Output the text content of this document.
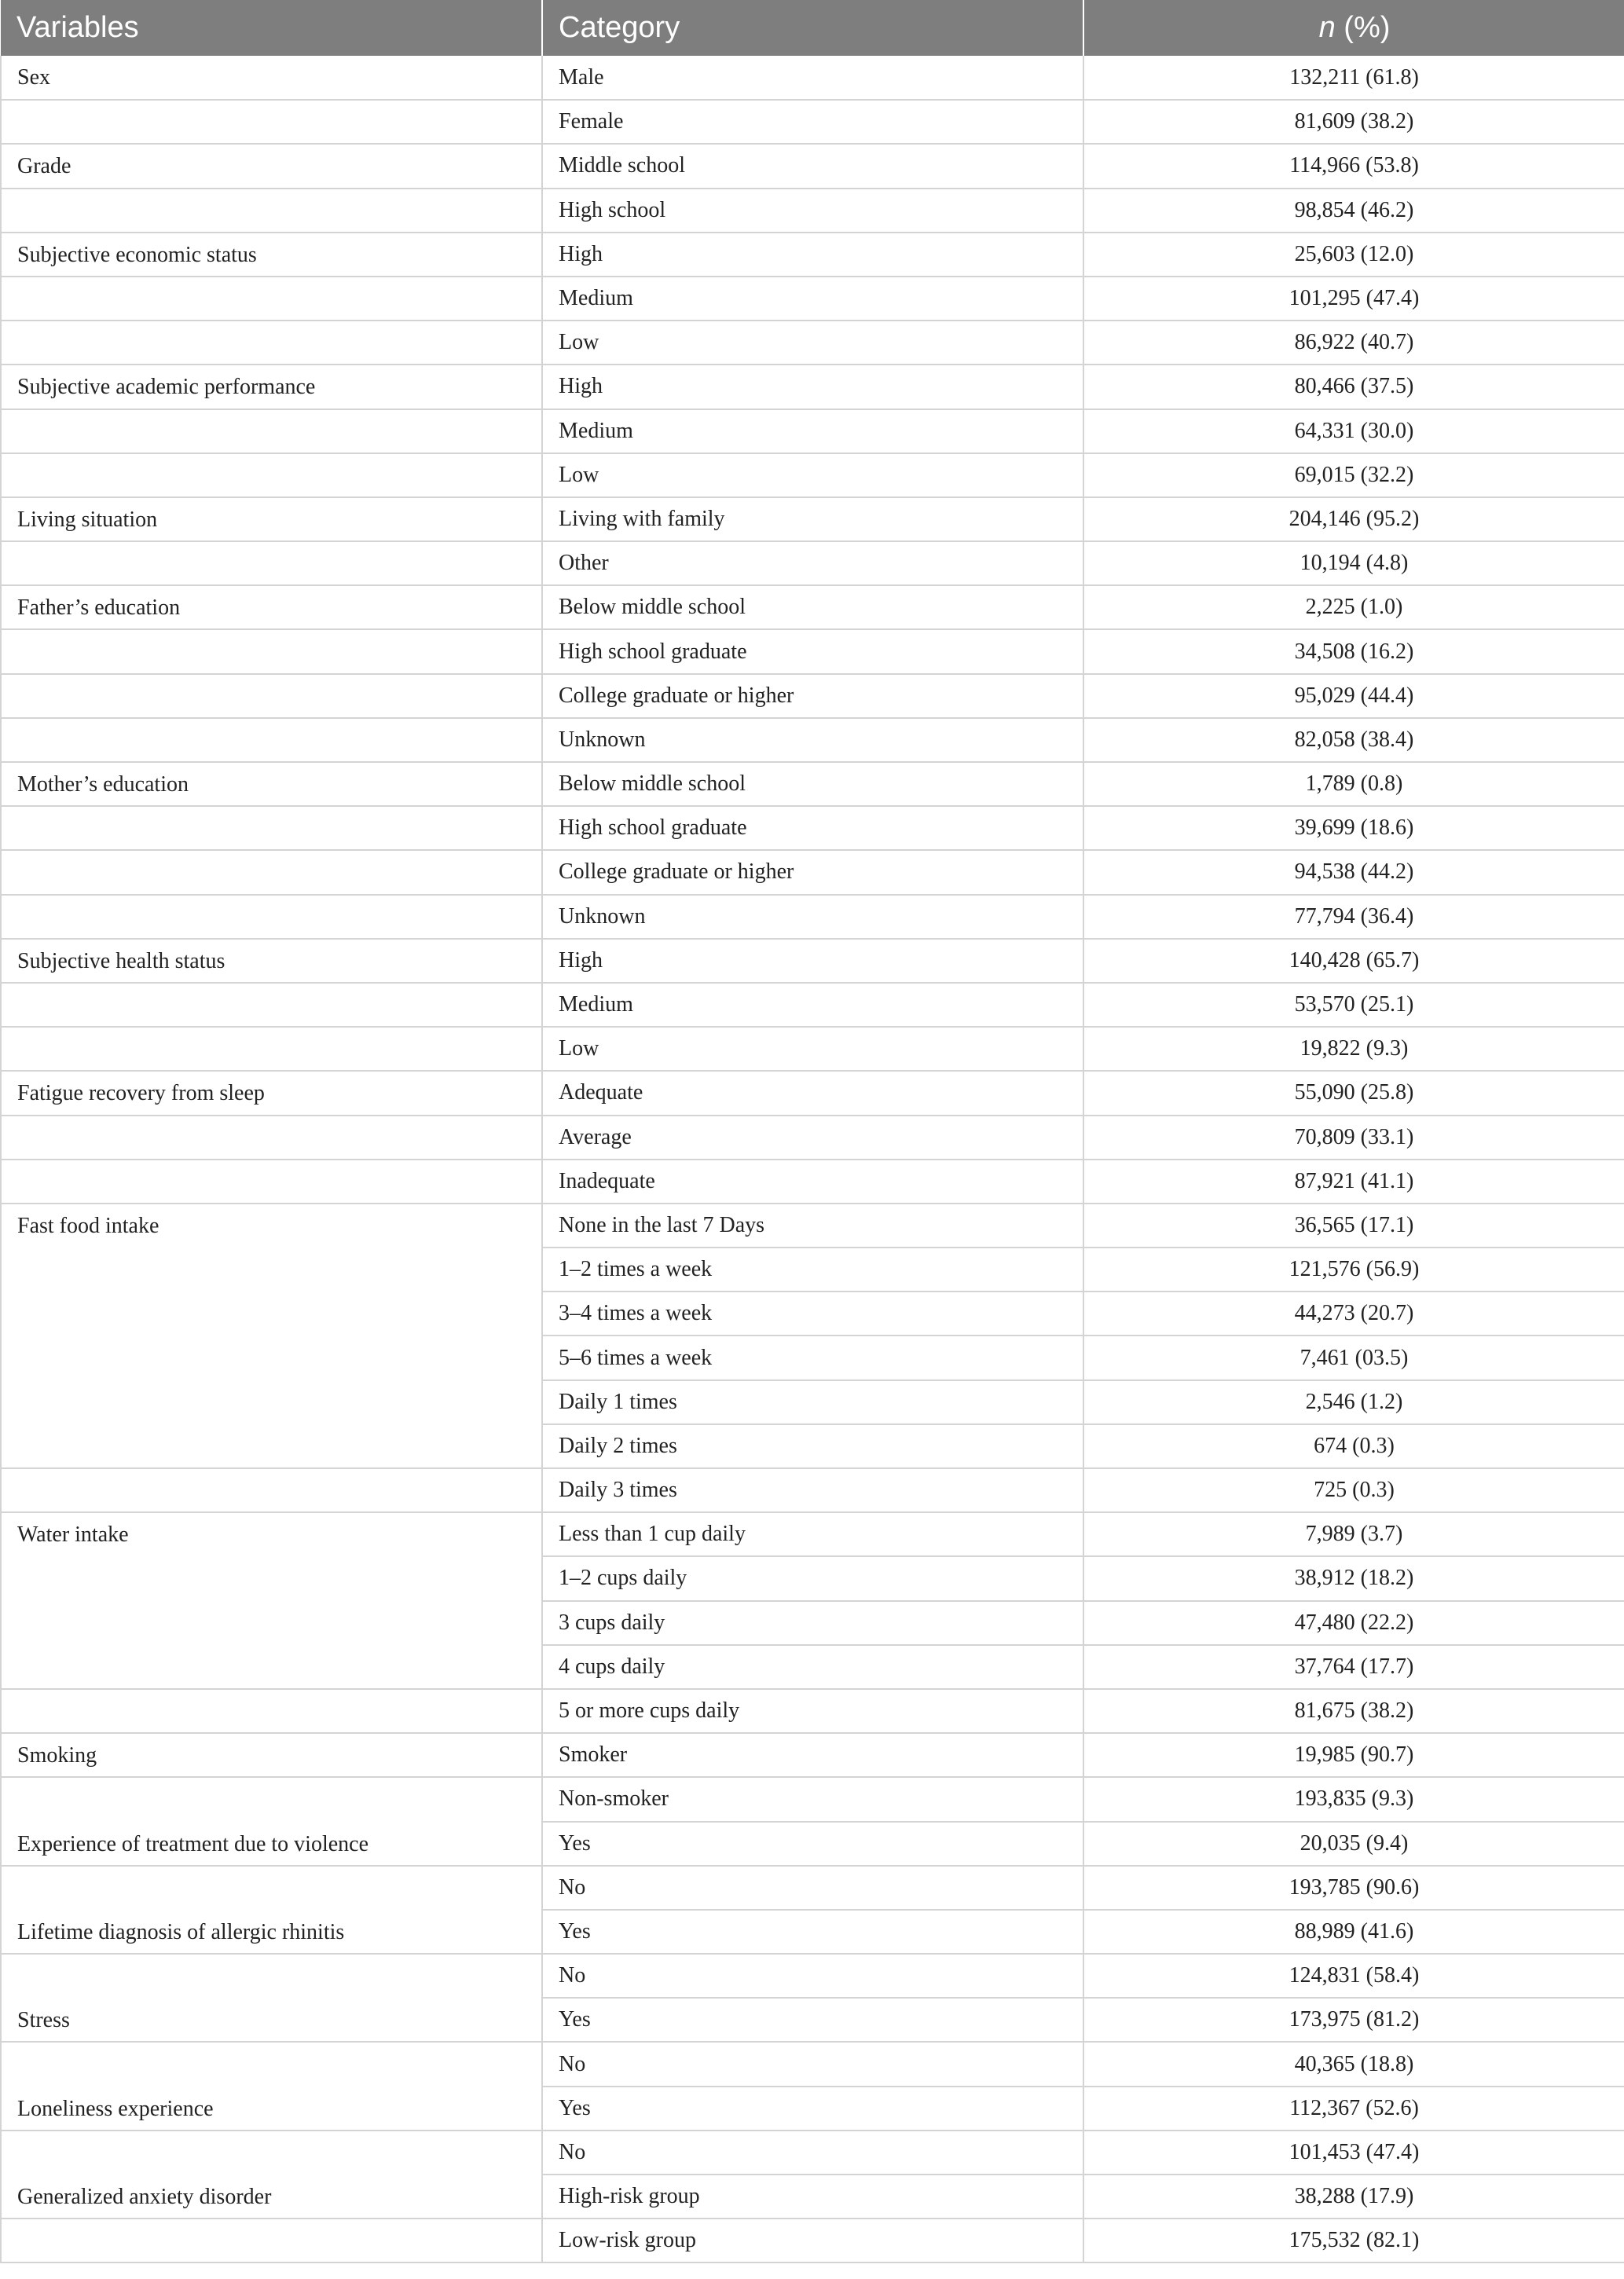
Variables	Category	n (%)
Sex	Male	132,211 (61.8)
	Female	81,609 (38.2)
Grade	Middle school	114,966 (53.8)
	High school	98,854 (46.2)
Subjective economic status	High	25,603 (12.0)
	Medium	101,295 (47.4)
	Low	86,922 (40.7)
Subjective academic performance	High	80,466 (37.5)
	Medium	64,331 (30.0)
	Low	69,015 (32.2)
Living situation	Living with family	204,146 (95.2)
	Other	10,194 (4.8)
Father’s education	Below middle school	2,225 (1.0)
	High school graduate	34,508 (16.2)
	College graduate or higher	95,029 (44.4)
	Unknown	82,058 (38.4)
Mother’s education	Below middle school	1,789 (0.8)
	High school graduate	39,699 (18.6)
	College graduate or higher	94,538 (44.2)
	Unknown	77,794 (36.4)
Subjective health status	High	140,428 (65.7)
	Medium	53,570 (25.1)
	Low	19,822 (9.3)
Fatigue recovery from sleep	Adequate	55,090 (25.8)
	Average	70,809 (33.1)
	Inadequate	87,921 (41.1)
Fast food intake	None in the last 7 Days	36,565 (17.1)
	1–2 times a week	121,576 (56.9)
	3–4 times a week	44,273 (20.7)
	5–6 times a week	7,461 (03.5)
	Daily 1 times	2,546 (1.2)
	Daily 2 times	674 (0.3)
	Daily 3 times	725 (0.3)
Water intake	Less than 1 cup daily	7,989 (3.7)
	1–2 cups daily	38,912 (18.2)
	3 cups daily	47,480 (22.2)
	4 cups daily	37,764 (17.7)
	5 or more cups daily	81,675 (38.2)
Smoking	Smoker	19,985 (90.7)
	Non-smoker	193,835 (9.3)
Experience of treatment due to violence	Yes	20,035 (9.4)
	No	193,785 (90.6)
Lifetime diagnosis of allergic rhinitis	Yes	88,989 (41.6)
	No	124,831 (58.4)
Stress	Yes	173,975 (81.2)
	No	40,365 (18.8)
Loneliness experience	Yes	112,367 (52.6)
	No	101,453 (47.4)
Generalized anxiety disorder	High-risk group	38,288 (17.9)
	Low-risk group	175,532 (82.1)
